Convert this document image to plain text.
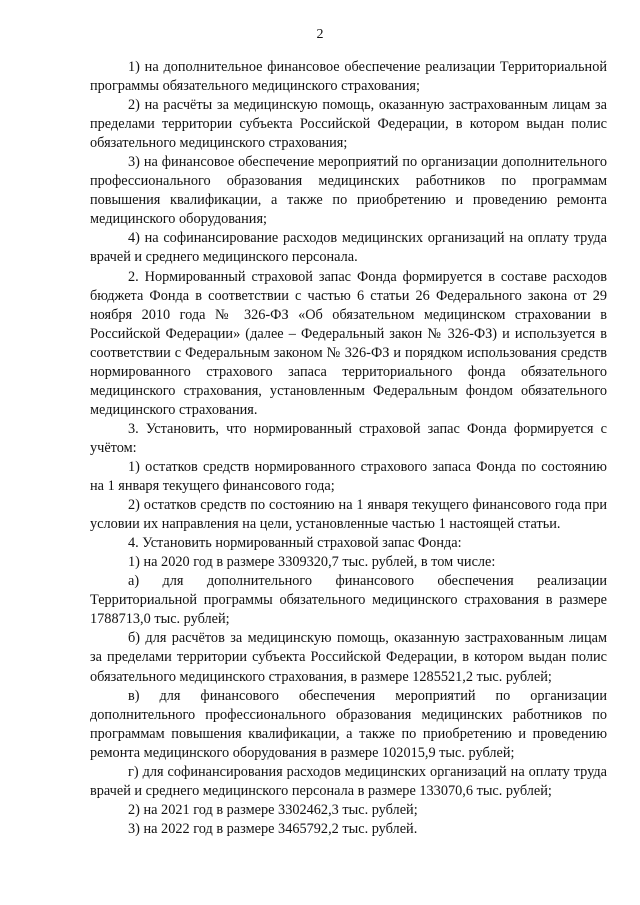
2

1) на дополнительное финансовое обеспечение реализации Территориальной программы обязательного медицинского страхования;

2) на расчёты за медицинскую помощь, оказанную застрахованным лицам за пределами территории субъекта Российской Федерации, в котором выдан полис обязательного медицинского страхования;

3) на финансовое обеспечение мероприятий по организации дополнительного профессионального образования медицинских работников по программам повышения квалификации, а также по приобретению и проведению ремонта медицинского оборудования;

4) на софинансирование расходов медицинских организаций на оплату труда врачей и среднего медицинского персонала.

2. Нормированный страховой запас Фонда формируется в составе расходов бюджета Фонда в соответствии с частью 6 статьи 26 Федерального закона от 29 ноября 2010 года № 326-ФЗ «Об обязательном медицинском страховании в Российской Федерации» (далее – Федеральный закон № 326-ФЗ) и используется в соответствии с Федеральным законом № 326-ФЗ и порядком использования средств нормированного страхового запаса территориального фонда обязательного медицинского страхования, установленным Федеральным фондом обязательного медицинского страхования.

3. Установить, что нормированный страховой запас Фонда формируется с учётом:

1) остатков средств нормированного страхового запаса Фонда по состоянию на 1 января текущего финансового года;

2) остатков средств по состоянию на 1 января текущего финансового года при условии их направления на цели, установленные частью 1 настоящей статьи.

4. Установить нормированный страховой запас Фонда:

1) на 2020 год в размере 3309320,7 тыс. рублей, в том числе:

а) для дополнительного финансового обеспечения реализации Территориальной программы обязательного медицинского страхования в размере 1788713,0 тыс. рублей;

б) для расчётов за медицинскую помощь, оказанную застрахованным лицам за пределами территории субъекта Российской Федерации, в котором выдан полис обязательного медицинского страхования, в размере 1285521,2 тыс. рублей;

в) для финансового обеспечения мероприятий по организации дополнительного профессионального образования медицинских работников по программам повышения квалификации, а также по приобретению и проведению ремонта медицинского оборудования в размере 102015,9 тыс. рублей;

г) для софинансирования расходов медицинских организаций на оплату труда врачей и среднего медицинского персонала в размере 133070,6 тыс. рублей;

2) на 2021 год в размере 3302462,3 тыс. рублей;

3) на 2022 год в размере 3465792,2 тыс. рублей.
